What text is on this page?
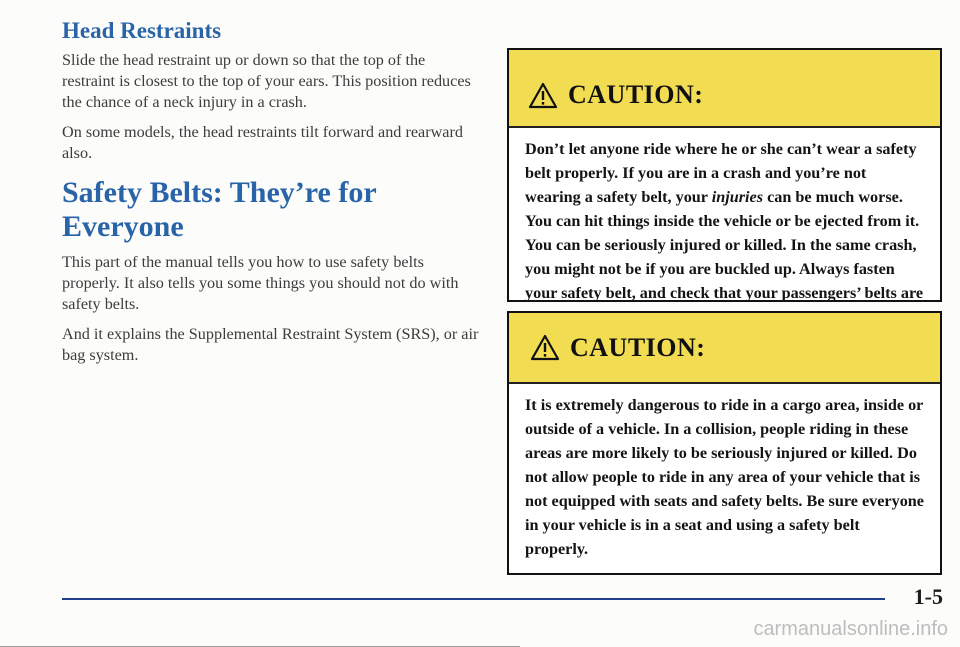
Head Restraints

Slide the head restraint up or down so that the top of the restraint is closest to the top of your ears. This position reduces the chance of a neck injury in a crash.

On some models, the head restraints tilt forward and rearward also.

Safety Belts: They’re for Everyone

This part of the manual tells you how to use safety belts properly. It also tells you some things you should not do with safety belts.

And it explains the Supplemental Restraint System (SRS), or air bag system.

CAUTION:
Don’t let anyone ride where he or she can’t wear a safety belt properly. If you are in a crash and you’re not wearing a safety belt, your injuries can be much worse. You can hit things inside the vehicle or be ejected from it. You can be seriously injured or killed. In the same crash, you might not be if you are buckled up. Always fasten your safety belt, and check that your passengers’ belts are
CAUTION:
It is extremely dangerous to ride in a cargo area, inside or outside of a vehicle. In a collision, people riding in these areas are more likely to be seriously injured or killed. Do not allow people to ride in any area of your vehicle that is not equipped with seats and safety belts. Be sure everyone in your vehicle is in a seat and using a safety belt properly.
1-5
carmanualsonline.info
